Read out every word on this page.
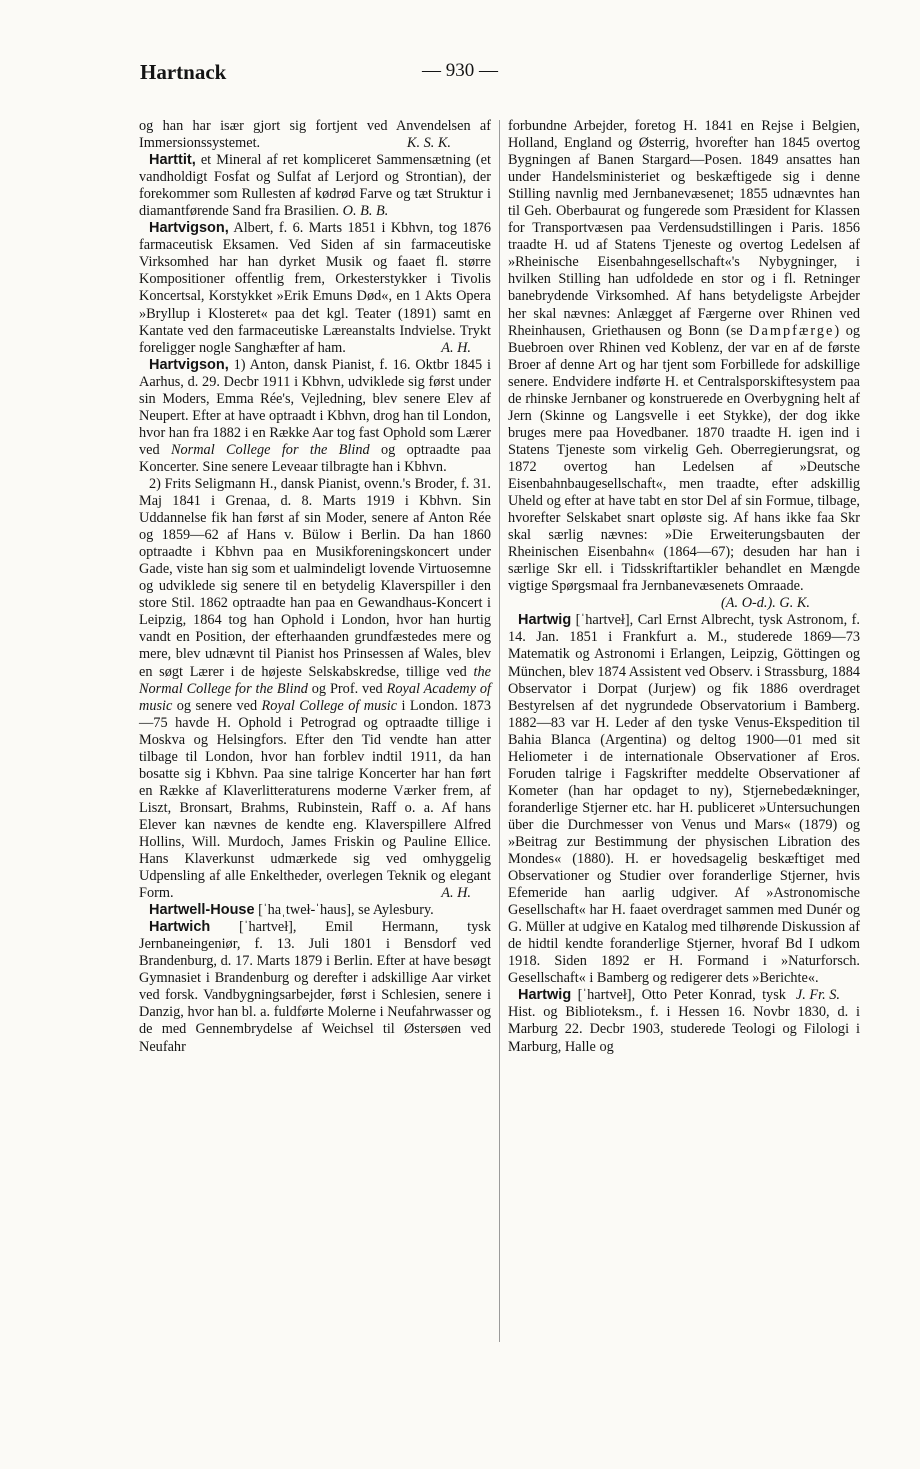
Hartnack	— 930 —

og han har især gjort sig fortjent ved Anvendelsen af Immersionssystemet.	K. S. K.

Harttit, et Mineral af ret kompliceret Sammensætning (et vandholdigt Fosfat og Sulfat af Lerjord og Strontian), der forekommer som Rullesten af kødrød Farve og tæt Struktur i diamantførende Sand fra Brasilien. O. B. B.

Hartvigson, Albert, f. 6. Marts 1851 i Kbhvn, tog 1876 farmaceutisk Eksamen. Ved Siden af sin farmaceutiske Virksomhed har han dyrket Musik og faaet fl. større Kompositioner offentlig frem, Orkesterstykker i Tivolis Koncertsal, Korstykket »Erik Emuns Død«, en 1 Akts Opera »Bryllup i Klosteret« paa det kgl. Teater (1891) samt en Kantate ved den farmaceutiske Læreanstalts Indvielse. Trykt foreligger nogle Sanghæfter af ham.	A. H.

Hartvigson, 1) Anton, dansk Pianist, f. 16. Oktbr 1845 i Aarhus, d. 29. Decbr 1911 i Kbhvn, udviklede sig først under sin Moders, Emma Rée's, Vejledning, blev senere Elev af Neupert. Efter at have optraadt i Kbhvn, drog han til London, hvor han fra 1882 i en Række Aar tog fast Ophold som Lærer ved Normal College for the Blind og optraadte paa Koncerter. Sine senere Leveaar tilbragte han i Kbhvn.

2) Frits Seligmann H., dansk Pianist, ovenn.'s Broder, f. 31. Maj 1841 i Grenaa, d. 8. Marts 1919 i Kbhvn. Sin Uddannelse fik han først af sin Moder, senere af Anton Rée og 1859—62 af Hans v. Bülow i Berlin. Da han 1860 optraadte i Kbhvn paa en Musikforeningskoncert under Gade, viste han sig som et ualmindeligt lovende Virtuosemne og udviklede sig senere til en betydelig Klaverspiller i den store Stil. 1862 optraadte han paa en Gewandhaus-Koncert i Leipzig, 1864 tog han Ophold i London, hvor han hurtig vandt en Position, der efterhaanden grundfæstedes mere og mere, blev udnævnt til Pianist hos Prinsessen af Wales, blev en søgt Lærer i de højeste Selskabskredse, tillige ved the Normal College for the Blind og Prof. ved Royal Academy of music og senere ved Royal College of music i London. 1873—75 havde H. Ophold i Petrograd og optraadte tillige i Moskva og Helsingfors. Efter den Tid vendte han atter tilbage til London, hvor han forblev indtil 1911, da han bosatte sig i Kbhvn. Paa sine talrige Koncerter har han ført en Række af Klaverlitteraturens moderne Værker frem, af Liszt, Bronsart, Brahms, Rubinstein, Raff o. a. Af hans Elever kan nævnes de kendte eng. Klaverspillere Alfred Hollins, Will. Murdoch, James Friskin og Pauline Ellice. Hans Klaverkunst udmærkede sig ved omhyggelig Udpensling af alle Enkeltheder, overlegen Teknik og elegant Form.	A. H.

Hartwell-House [ˈhaˌtweł-ˈhaus], se Aylesbury.

Hartwich [ˈhartveł], Emil Hermann, tysk Jernbaneingeniør, f. 13. Juli 1801 i Bensdorf ved Brandenburg, d. 17. Marts 1879 i Berlin. Efter at have besøgt Gymnasiet i Brandenburg og derefter i adskillige Aar virket ved forsk. Vandbygningsarbejder, først i Schlesien, senere i Danzig, hvor han bl. a. fuldførte Molerne i Neufahrwasser og de med Gennembrydelse af Weichsel til Østersøen ved Neufahr

forbundne Arbejder, foretog H. 1841 en Rejse i Belgien, Holland, England og Østerrig, hvorefter han 1845 overtog Bygningen af Banen Stargard—Posen. 1849 ansattes han under Handelsministeriet og beskæftigede sig i denne Stilling navnlig med Jernbanevæsenet; 1855 udnævntes han til Geh. Oberbaurat og fungerede som Præsident for Klassen for Transportvæsen paa Verdensudstillingen i Paris. 1856 traadte H. ud af Statens Tjeneste og overtog Ledelsen af »Rheinische Eisenbahngesellschaft«'s Nybygninger, i hvilken Stilling han udfoldede en stor og i fl. Retninger banebrydende Virksomhed. Af hans betydeligste Arbejder her skal nævnes: Anlægget af Færgerne over Rhinen ved Rheinhausen, Griethausen og Bonn (se Dampfærge) og Buebroen over Rhinen ved Koblenz, der var en af de første Broer af denne Art og har tjent som Forbillede for adskillige senere. Endvidere indførte H. et Centralsporskiftesystem paa de rhinske Jernbaner og konstruerede en Overbygning helt af Jern (Skinne og Langsvelle i eet Stykke), der dog ikke bruges mere paa Hovedbaner. 1870 traadte H. igen ind i Statens Tjeneste som virkelig Geh. Oberregierungsrat, og 1872 overtog han Ledelsen af »Deutsche Eisenbahnbaugesellschaft«, men traadte, efter adskillig Uheld og efter at have tabt en stor Del af sin Formue, tilbage, hvorefter Selskabet snart opløste sig. Af hans ikke faa Skr skal særlig nævnes: »Die Erweiterungsbauten der Rheinischen Eisenbahn« (1864—67); desuden har han i særlige Skr ell. i Tidsskriftartikler behandlet en Mængde vigtige Spørgsmaal fra Jernbanevæsenets Omraade.

(A. O-d.). G. K.

Hartwig [ˈhartveł], Carl Ernst Albrecht, tysk Astronom, f. 14. Jan. 1851 i Frankfurt a. M., studerede 1869—73 Matematik og Astronomi i Erlangen, Leipzig, Göttingen og München, blev 1874 Assistent ved Observ. i Strassburg, 1884 Observator i Dorpat (Jurjew) og fik 1886 overdraget Bestyrelsen af det nygrundede Observatorium i Bamberg. 1882—83 var H. Leder af den tyske Venus-Ekspedition til Bahia Blanca (Argentina) og deltog 1900—01 med sit Heliometer i de internationale Observationer af Eros. Foruden talrige i Fagskrifter meddelte Observationer af Kometer (han har opdaget to ny), Stjernebedækninger, foranderlige Stjerner etc. har H. publiceret »Untersuchungen über die Durchmesser von Venus und Mars« (1879) og »Beitrag zur Bestimmung der physischen Libration des Mondes« (1880). H. er hovedsagelig beskæftiget med Observationer og Studier over foranderlige Stjerner, hvis Efemeride han aarlig udgiver. Af »Astronomische Gesellschaft« har H. faaet overdraget sammen med Dunér og G. Müller at udgive en Katalog med tilhørende Diskussion af de hidtil kendte foranderlige Stjerner, hvoraf Bd I udkom 1918. Siden 1892 er H. Formand i »Naturforsch. Gesellschaft« i Bamberg og redigerer dets »Berichte«.
J. Fr. S.

Hartwig [ˈhartveł], Otto Peter Konrad, tysk Hist. og Biblioteksm., f. i Hessen 16. Novbr 1830, d. i Marburg 22. Decbr 1903, studerede Teologi og Filologi i Marburg, Halle og
